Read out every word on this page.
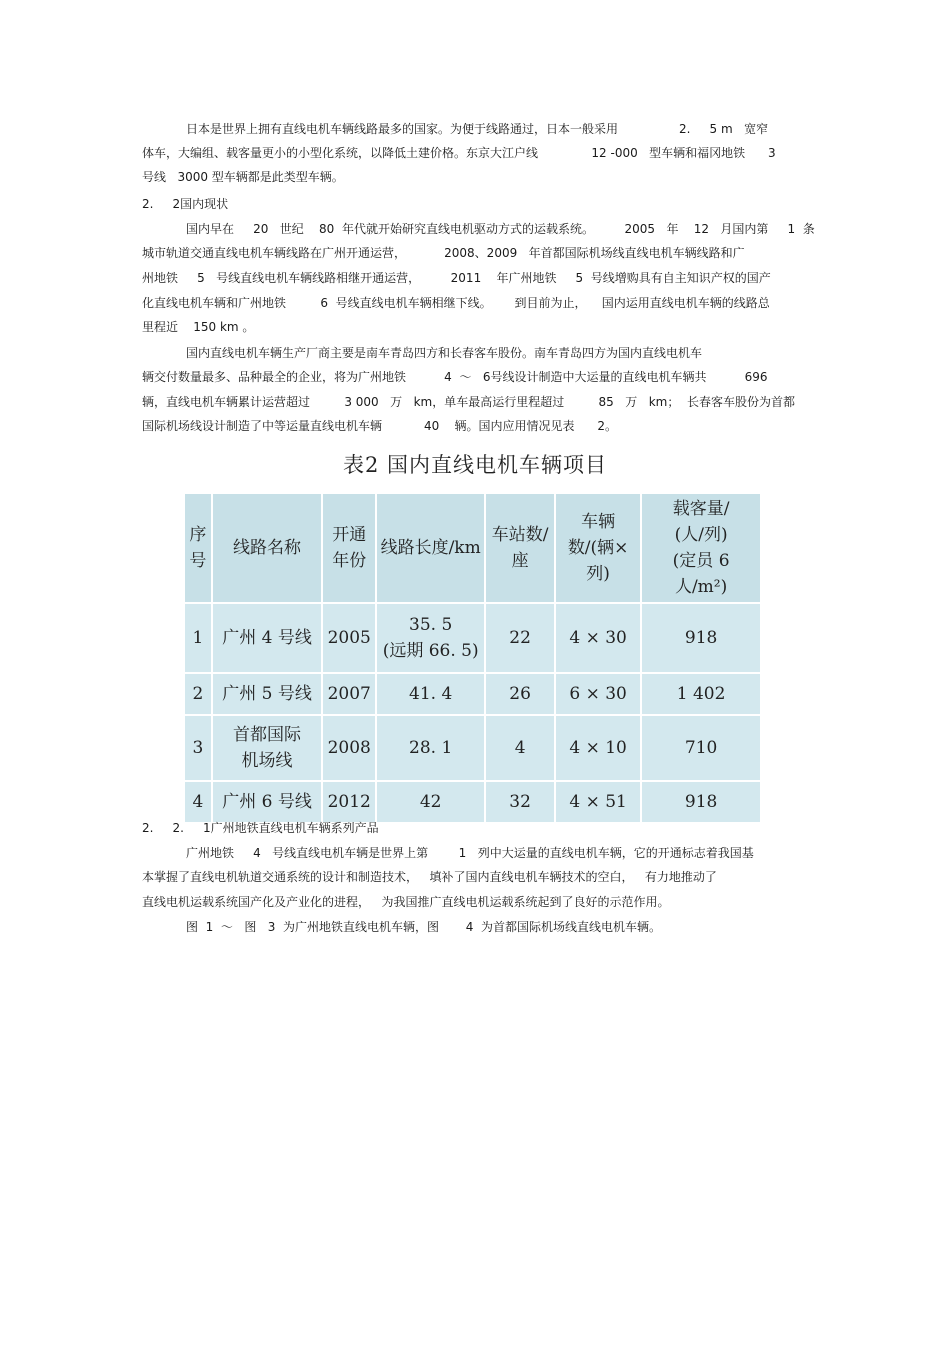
日本是世界上拥有直线电机车辆线路最多的国家。为便于线路通过，日本一般采用                2.     5 m   宽窄
体车，大编组、载客量更小的小型化系统，以降低土建价格。东京大江户线              12 -000   型车辆和福冈地铁      3
号线   3000 型车辆都是此类型车辆。
2.     2国内现状
国内早在     20   世纪    80  年代就开始研究直线电机驱动方式的运载系统。        2005   年    12   月国内第     1  条
城市轨道交通直线电机车辆线路在广州开通运营，          2008、2009   年首都国际机场线直线电机车辆线路和广
州地铁     5   号线直线电机车辆线路相继开通运营，        2011    年广州地铁     5  号线增购具有自主知识产权的国产
化直线电机车辆和广州地铁         6  号线直线电机车辆相继下线。      到目前为止，    国内运用直线电机车辆的线路总
里程近    150 km 。
国内直线电机车辆生产厂商主要是南车青岛四方和长春客车股份。南车青岛四方为国内直线电机车
辆交付数量最多、品种最全的企业，将为广州地铁          4  ～   6号线设计制造中大运量的直线电机车辆共          696
辆，直线电机车辆累计运营超过         3 000   万   km，单车最高运行里程超过         85   万   km；  长春客车股份为首都
国际机场线设计制造了中等运量直线电机车辆           40    辆。国内应用情况见表      2。
表2 国内直线电机车辆项目
序号	线路名称	开通年份	线路长度/km	车站数/座	车辆数/(辆×列)	载客量/
(人/列)
(定员 6 人/m²)

1	广州 4 号线	2005	35. 5
(远期 66. 5)	22	4 × 30	918
2	广州 5 号线	2007	41. 4	26	6 × 30	1 402
3	首都国际机场线	2008	28. 1	4	4 × 10	710
4	广州 6 号线	2012	42	32	4 × 51	918
2.     2.     1广州地铁直线电机车辆系列产品
广州地铁     4   号线直线电机车辆是世界上第        1   列中大运量的直线电机车辆，它的开通标志着我国基
本掌握了直线电机轨道交通系统的设计和制造技术，   填补了国内直线电机车辆技术的空白，   有力地推动了
直线电机运载系统国产化及产业化的进程，   为我国推广直线电机运载系统起到了良好的示范作用。
图  1  ～   图   3  为广州地铁直线电机车辆，图       4  为首都国际机场线直线电机车辆。
